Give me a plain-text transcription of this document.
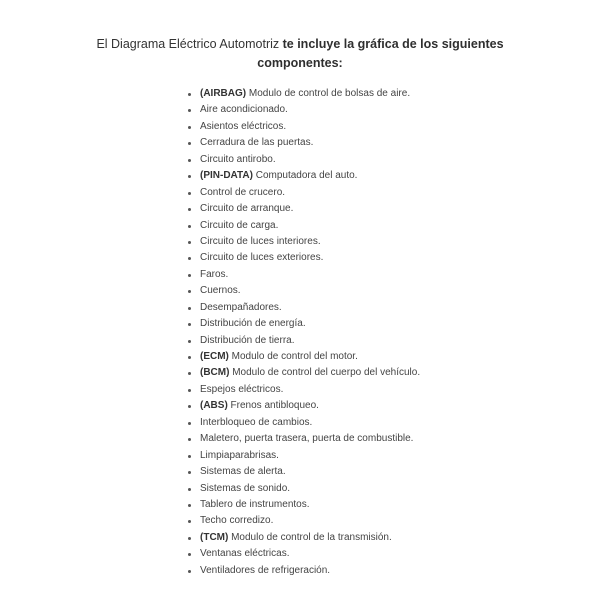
El Diagrama Eléctrico Automotriz te incluye la gráfica de los siguientes
componentes:
(AIRBAG) Modulo de control de bolsas de aire.
Aire acondicionado.
Asientos eléctricos.
Cerradura de las puertas.
Circuito antirobo.
(PIN-DATA) Computadora del auto.
Control de crucero.
Circuito de arranque.
Circuito de carga.
Circuito de luces interiores.
Circuito de luces exteriores.
Faros.
Cuernos.
Desempañadores.
Distribución de energía.
Distribución de tierra.
(ECM) Modulo de control del motor.
(BCM) Modulo de control del cuerpo del vehículo.
Espejos eléctricos.
(ABS) Frenos antibloqueo.
Interbloqueo de cambios.
Maletero, puerta trasera, puerta de combustible.
Limpiaparabrisas.
Sistemas de alerta.
Sistemas de sonido.
Tablero de instrumentos.
Techo corredizo.
(TCM) Modulo de control de la transmisión.
Ventanas eléctricas.
Ventiladores de refrigeración.
